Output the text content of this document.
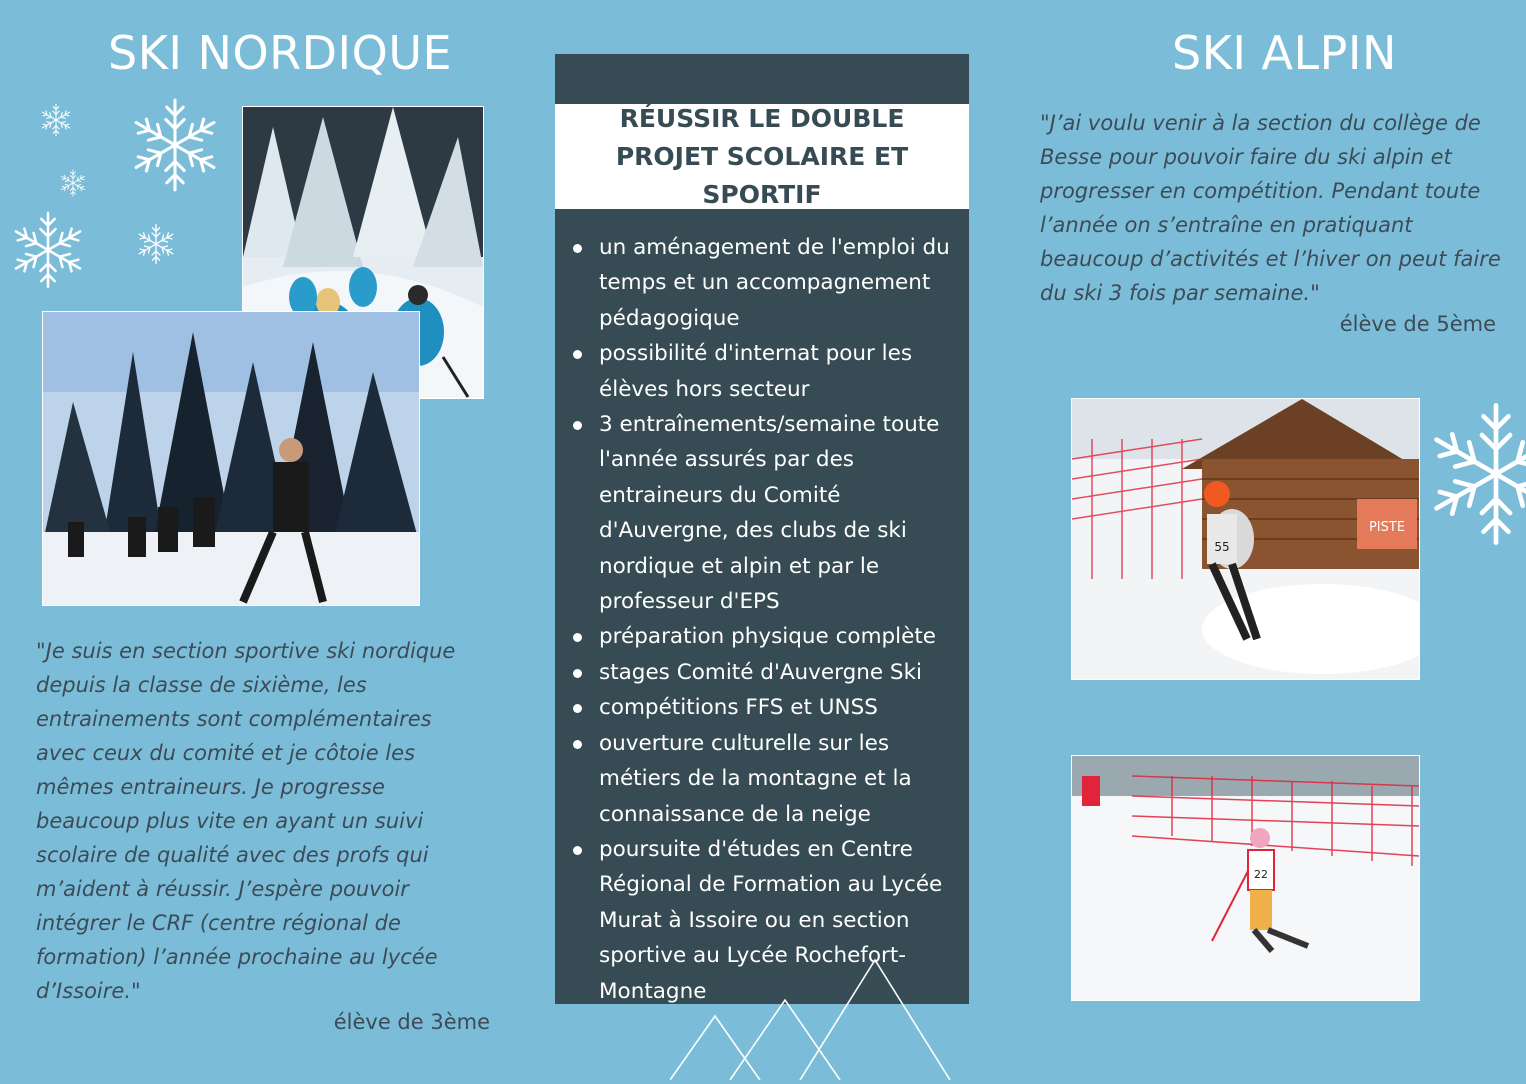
SKI NORDIQUE	SKI ALPIN

"Je suis en section sportive ski nordique depuis la classe de sixième, les entrainements sont complémentaires avec ceux du comité et je côtoie les mêmes entraineurs. Je progresse beaucoup plus vite en ayant un suivi scolaire de qualité avec des profs qui m’aident à réussir. J’espère pouvoir intégrer le CRF (centre régional de formation) l’année prochaine au lycée d’Issoire."

élève de 3ème

RÉUSSIR LE DOUBLE PROJET SCOLAIRE ET SPORTIF
un aménagement de l'emploi du temps et un accompagnement pédagogique
possibilité d'internat pour les élèves hors secteur
3 entraînements/semaine toute l'année assurés par des entraineurs du Comité d'Auvergne, des clubs de ski nordique et alpin et par le professeur d'EPS
préparation physique complète
stages Comité d'Auvergne Ski
compétitions FFS et UNSS
ouverture culturelle sur les métiers de la montagne et la connaissance de la neige
poursuite d'études en Centre Régional de Formation au Lycée Murat à Issoire ou en section sportive au Lycée Rochefort-Montagne

"J’ai voulu venir à la section du collège de Besse pour pouvoir faire du ski alpin et progresser en compétition. Pendant toute l’année on s’entraîne en pratiquant beaucoup d’activités et l’hiver on peut faire du ski 3 fois par semaine."

élève de 5ème

PISTE
55
22
